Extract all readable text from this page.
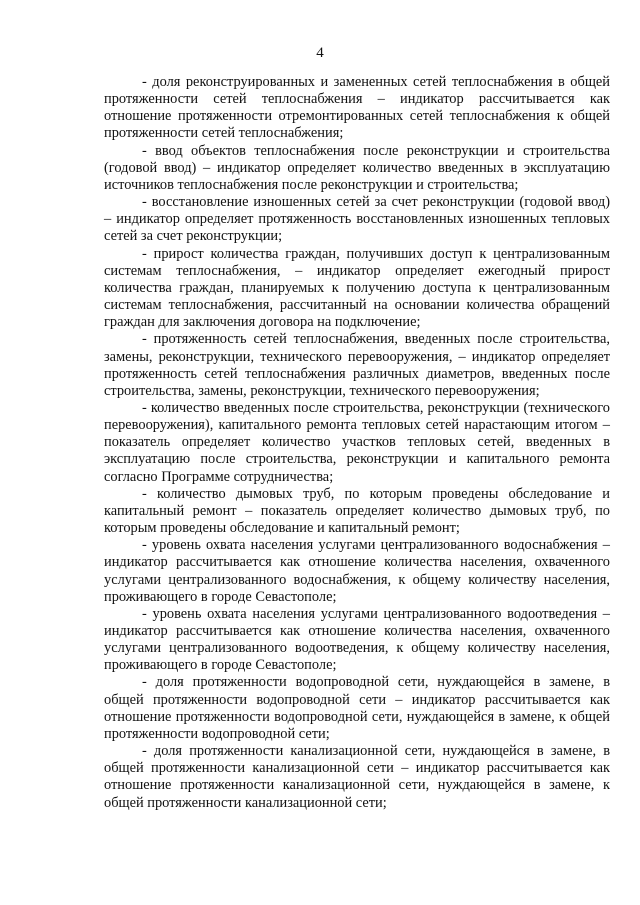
4

- доля реконструированных и замененных сетей теплоснабжения в общей протяженности сетей теплоснабжения – индикатор рассчитывается как отношение протяженности отремонтированных сетей теплоснабжения к общей протяженности сетей теплоснабжения;

- ввод объектов теплоснабжения после реконструкции и строительства (годовой ввод) – индикатор определяет количество введенных в эксплуатацию источников теплоснабжения после реконструкции и строительства;

- восстановление изношенных сетей за счет реконструкции (годовой ввод) – индикатор определяет протяженность восстановленных изношенных тепловых сетей за счет реконструкции;

- прирост количества граждан, получивших доступ к централизованным системам теплоснабжения, – индикатор определяет ежегодный прирост количества граждан, планируемых к получению доступа к централизованным системам теплоснабжения, рассчитанный на основании количества обращений граждан для заключения договора на подключение;

- протяженность сетей теплоснабжения, введенных после строительства, замены, реконструкции, технического перевооружения, – индикатор определяет протяженность сетей теплоснабжения различных диаметров, введенных после строительства, замены, реконструкции, технического перевооружения;

- количество введенных после строительства, реконструкции (технического перевооружения), капитального ремонта тепловых сетей нарастающим итогом – показатель определяет количество участков тепловых сетей, введенных в эксплуатацию после строительства, реконструкции и капитального ремонта согласно Программе сотрудничества;

- количество дымовых труб, по которым проведены обследование и капитальный ремонт – показатель определяет количество дымовых труб, по которым проведены обследование и капитальный ремонт;

- уровень охвата населения услугами централизованного водоснабжения – индикатор рассчитывается как отношение количества населения, охваченного услугами централизованного водоснабжения, к общему количеству населения, проживающего в городе Севастополе;

- уровень охвата населения услугами централизованного водоотведения – индикатор рассчитывается как отношение количества населения, охваченного услугами централизованного водоотведения, к общему количеству населения, проживающего в городе Севастополе;

- доля протяженности водопроводной сети, нуждающейся в замене, в общей протяженности водопроводной сети – индикатор рассчитывается как отношение протяженности водопроводной сети, нуждающейся в замене, к общей протяженности водопроводной сети;

- доля протяженности канализационной сети, нуждающейся в замене, в общей протяженности канализационной сети – индикатор рассчитывается как отношение протяженности канализационной сети, нуждающейся в замене, к общей протяженности канализационной сети;
